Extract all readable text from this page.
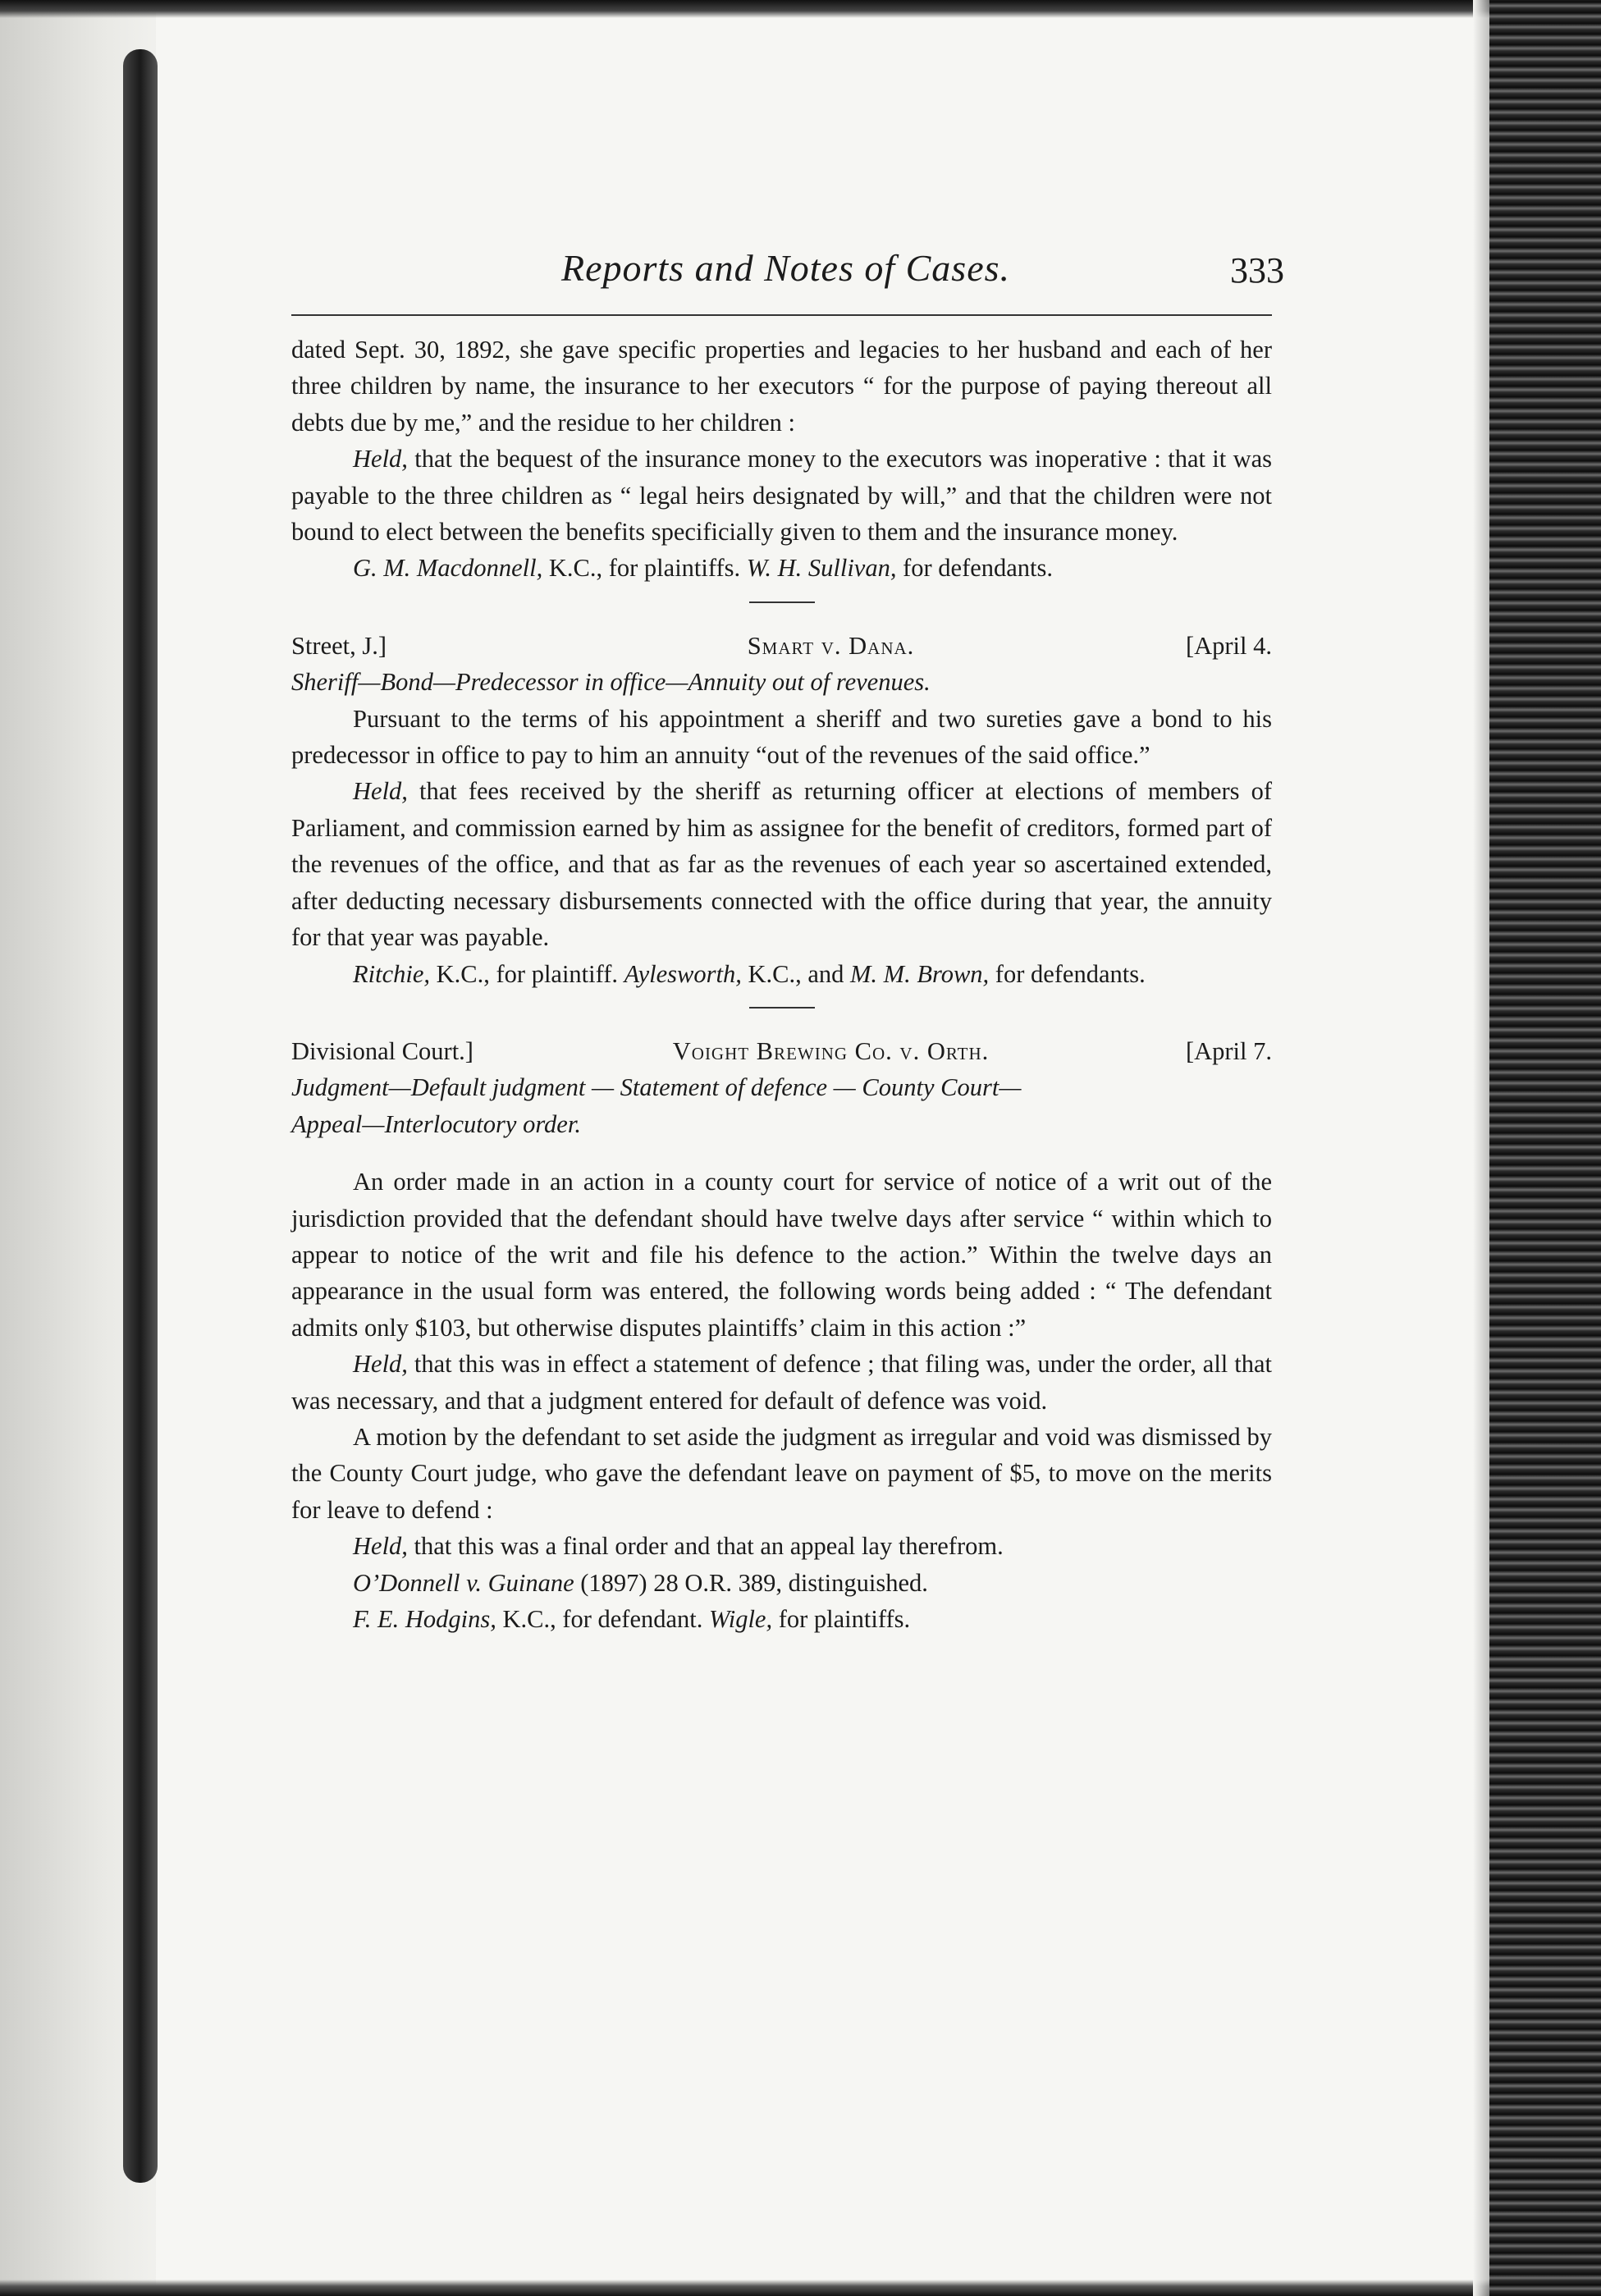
Reports and Notes of Cases.	333

dated Sept. 30, 1892, she gave specific properties and legacies to her husband and each of her three children by name, the insurance to her executors “ for the purpose of paying thereout all debts due by me,” and the residue to her children :

Held, that the bequest of the insurance money to the executors was inoperative : that it was payable to the three children as “ legal heirs designated by will,” and that the children were not bound to elect between the benefits specificially given to them and the insurance money.

G. M. Macdonnell, K.C., for plaintiffs. W. H. Sullivan, for defendants.

Street, J.]	Smart v. Dana.	[April 4.

Sheriff—Bond—Predecessor in office—Annuity out of revenues.

Pursuant to the terms of his appointment a sheriff and two sureties gave a bond to his predecessor in office to pay to him an annuity “out of the revenues of the said office.”

Held, that fees received by the sheriff as returning officer at elections of members of Parliament, and commission earned by him as assignee for the benefit of creditors, formed part of the revenues of the office, and that as far as the revenues of each year so ascertained extended, after deducting necessary disbursements connected with the office during that year, the annuity for that year was payable.

Ritchie, K.C., for plaintiff. Aylesworth, K.C., and M. M. Brown, for defendants.

Divisional Court.]	Voight Brewing Co. v. Orth.	[April 7.

Judgment—Default judgment — Statement of defence — County Court—

Appeal—Interlocutory order.

An order made in an action in a county court for service of notice of a writ out of the jurisdiction provided that the defendant should have twelve days after service “ within which to appear to notice of the writ and file his defence to the action.” Within the twelve days an appearance in the usual form was entered, the following words being added : “ The defendant admits only $103, but otherwise disputes plaintiffs’ claim in this action :”

Held, that this was in effect a statement of defence ; that filing was, under the order, all that was necessary, and that a judgment entered for default of defence was void.

A motion by the defendant to set aside the judgment as irregular and void was dismissed by the County Court judge, who gave the defendant leave on payment of $5, to move on the merits for leave to defend :

Held, that this was a final order and that an appeal lay therefrom.

O’Donnell v. Guinane (1897) 28 O.R. 389, distinguished.

F. E. Hodgins, K.C., for defendant. Wigle, for plaintiffs.
